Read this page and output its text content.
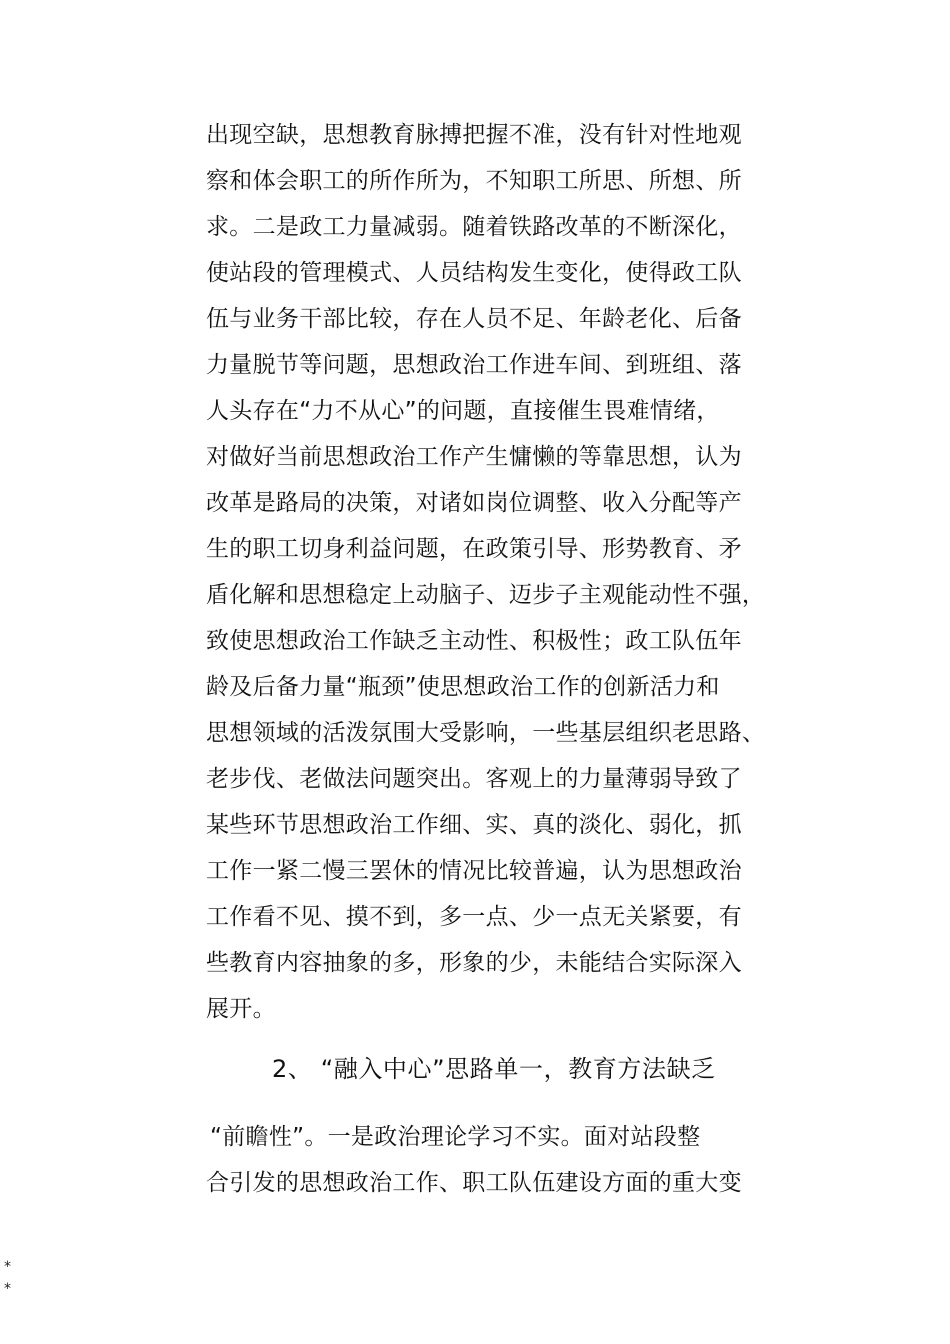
出现空缺，思想教育脉搏把握不准，没有针对性地观
察和体会职工的所作所为，不知职工所思、所想、所
求。二是政工力量减弱。随着铁路改革的不断深化，
使站段的管理模式、人员结构发生变化，使得政工队
伍与业务干部比较，存在人员不足、年龄老化、后备
力量脱节等问题，思想政治工作进车间、到班组、落
人头存在“力不从心”的问题，直接催生畏难情绪，
对做好当前思想政治工作产生慵懒的等靠思想，认为
改革是路局的决策，对诸如岗位调整、收入分配等产
生的职工切身利益问题，在政策引导、形势教育、矛
盾化解和思想稳定上动脑子、迈步子主观能动性不强，
致使思想政治工作缺乏主动性、积极性；政工队伍年
龄及后备力量“瓶颈”使思想政治工作的创新活力和
思想领域的活泼氛围大受影响，一些基层组织老思路、
老步伐、老做法问题突出。客观上的力量薄弱导致了
某些环节思想政治工作细、实、真的淡化、弱化，抓
工作一紧二慢三罢休的情况比较普遍，认为思想政治
工作看不见、摸不到，多一点、少一点无关紧要，有
些教育内容抽象的多，形象的少，未能结合实际深入
展开。
2、 “融入中心”思路单一，教育方法缺乏
“前瞻性”。一是政治理论学习不实。面对站段整
合引发的思想政治工作、职工队伍建设方面的重大变
*
*
